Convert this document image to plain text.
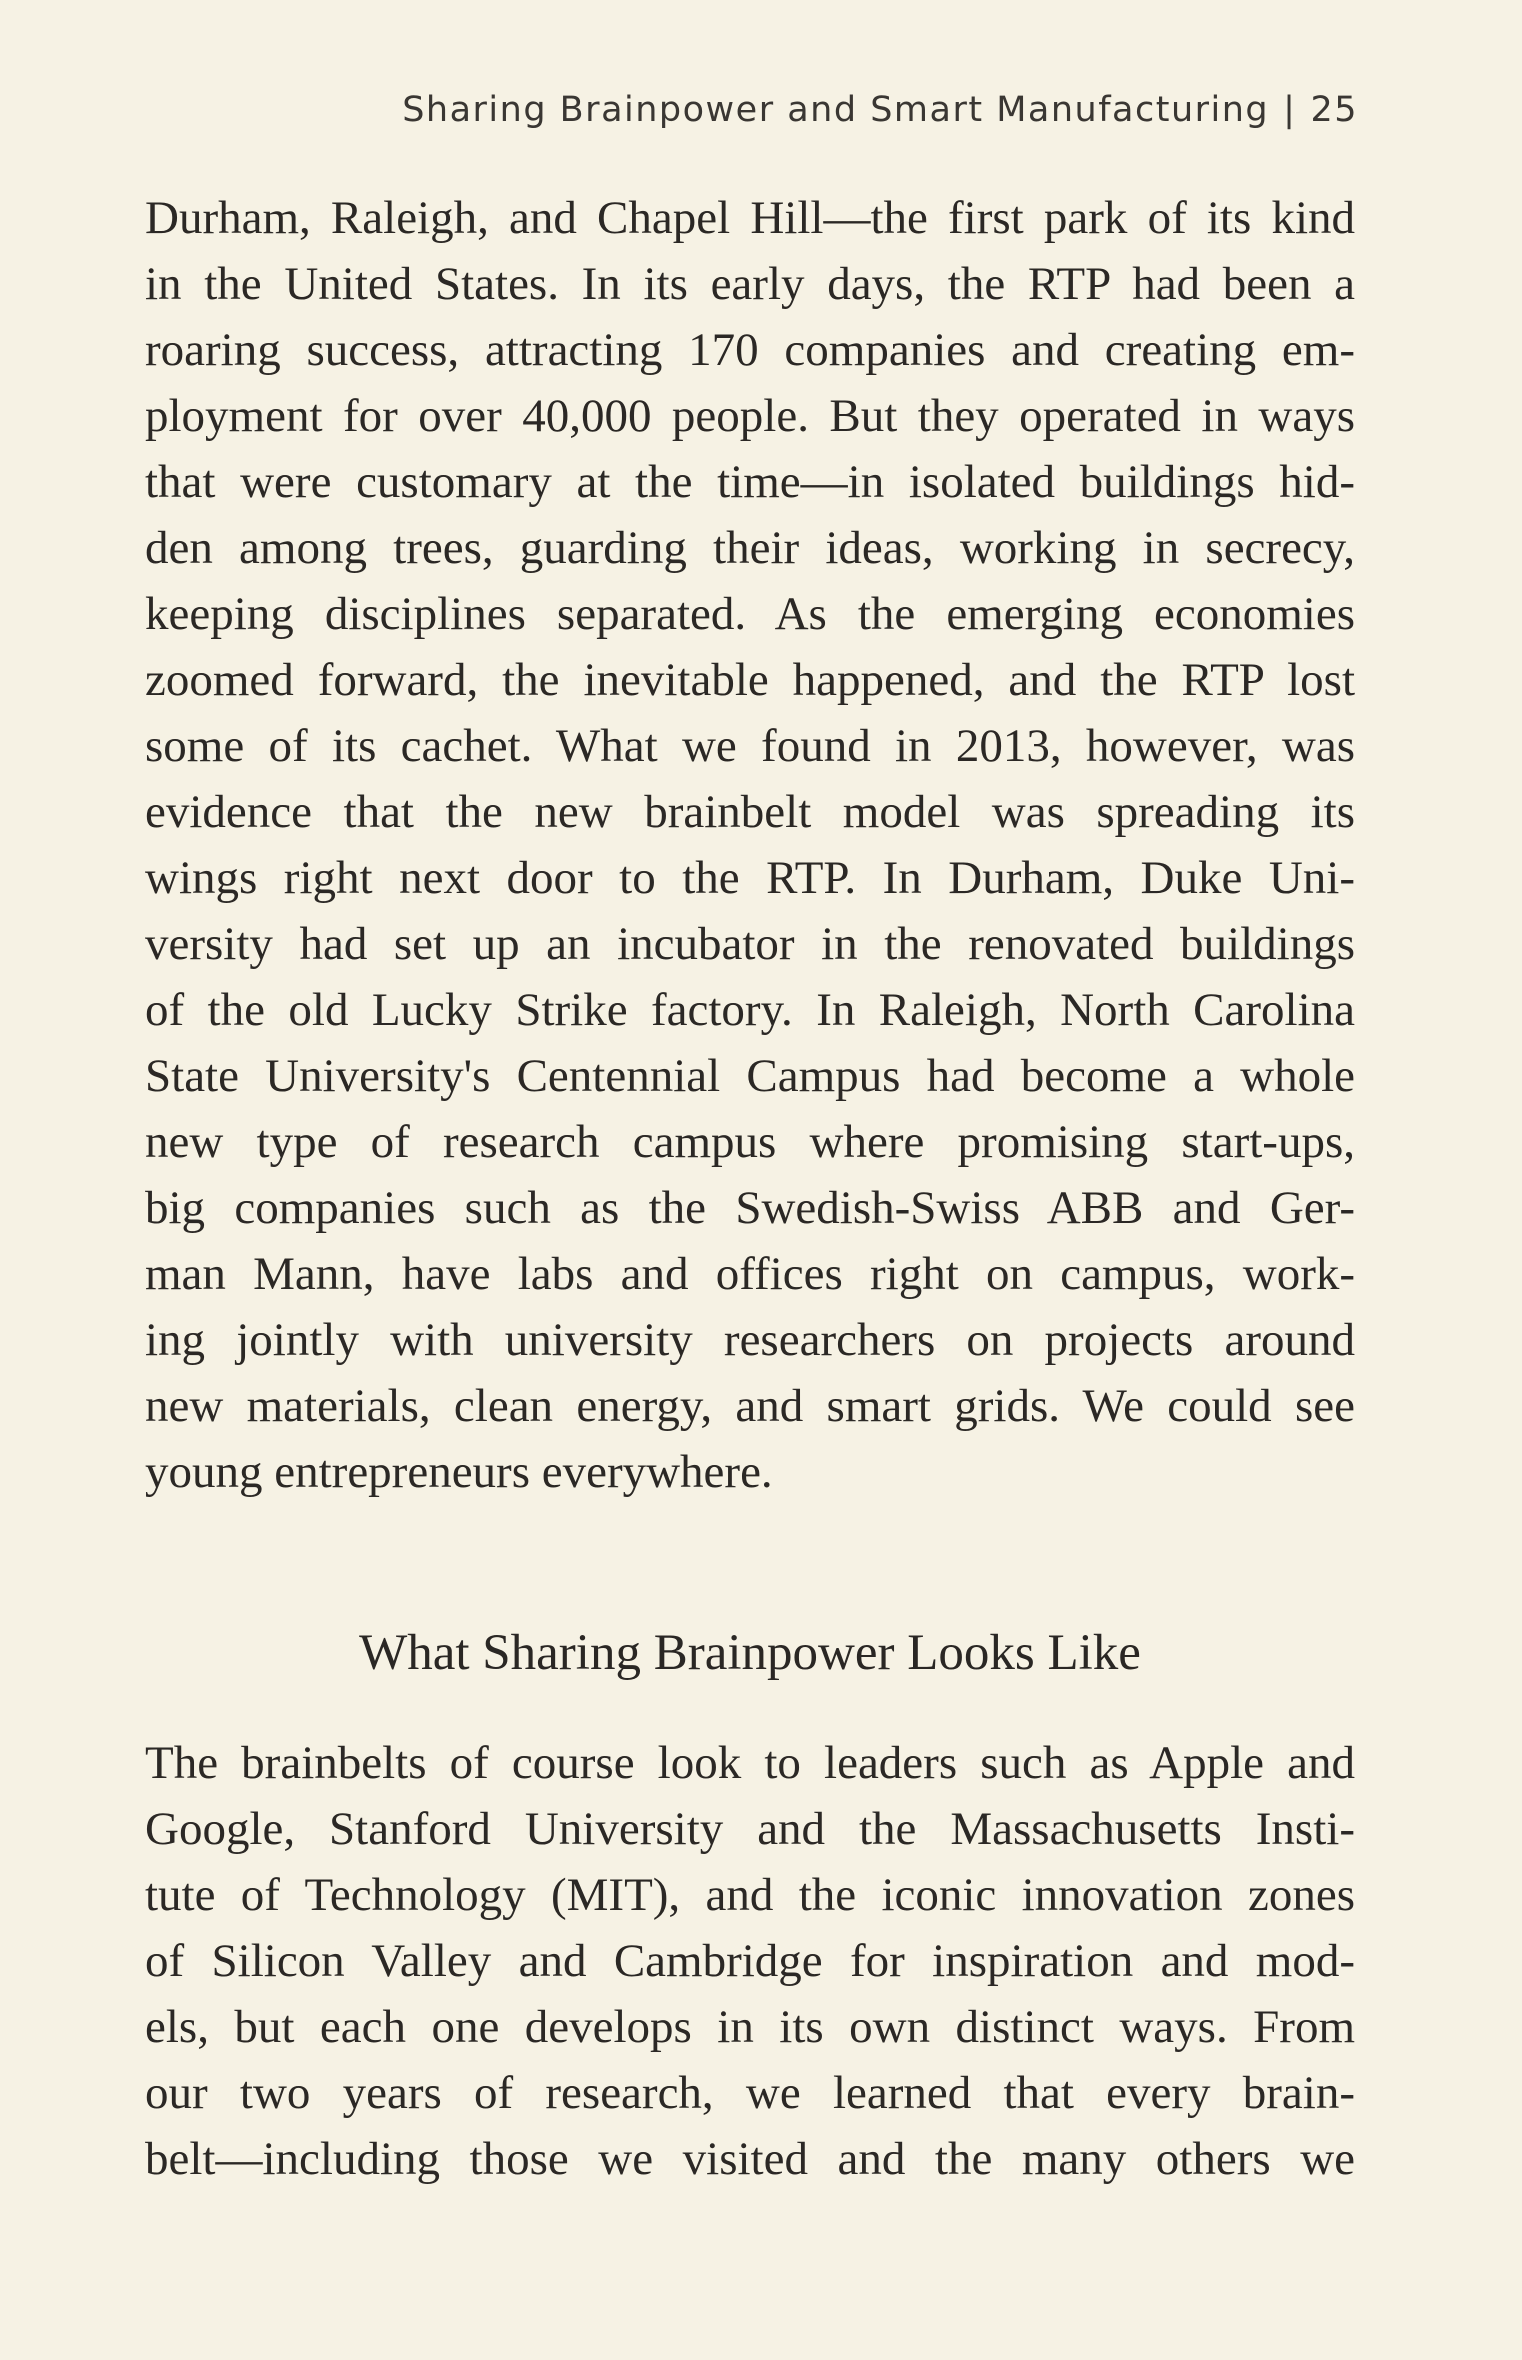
Sharing Brainpower and Smart Manufacturing | 25
Durham, Raleigh, and Chapel Hill—the first park of its kind
in the United States. In its early days, the RTP had been a
roaring success, attracting 170 companies and creating em-
ployment for over 40,000 people. But they operated in ways
that were customary at the time—in isolated buildings hid-
den among trees, guarding their ideas, working in secrecy,
keeping disciplines separated. As the emerging economies
zoomed forward, the inevitable happened, and the RTP lost
some of its cachet. What we found in 2013, however, was
evidence that the new brainbelt model was spreading its
wings right next door to the RTP. In Durham, Duke Uni-
versity had set up an incubator in the renovated buildings
of the old Lucky Strike factory. In Raleigh, North Carolina
State University's Centennial Campus had become a whole
new type of research campus where promising start-ups,
big companies such as the Swedish-Swiss ABB and Ger-
man Mann, have labs and offices right on campus, work-
ing jointly with university researchers on projects around
new materials, clean energy, and smart grids. We could see
young entrepreneurs everywhere.
What Sharing Brainpower Looks Like
The brainbelts of course look to leaders such as Apple and
Google, Stanford University and the Massachusetts Insti-
tute of Technology (MIT), and the iconic innovation zones
of Silicon Valley and Cambridge for inspiration and mod-
els, but each one develops in its own distinct ways. From
our two years of research, we learned that every brain-
belt—including those we visited and the many others we
